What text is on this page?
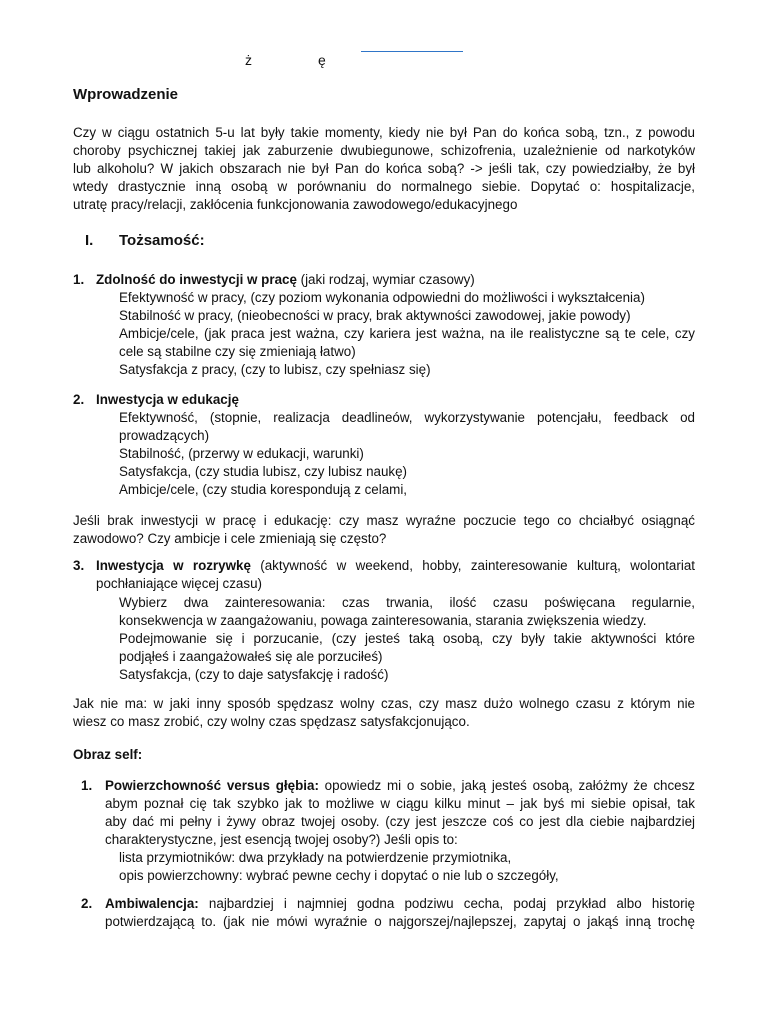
ż	ę
Wprowadzenie
Czy w ciągu ostatnich 5-u lat były takie momenty, kiedy nie był Pan do końca sobą, tzn., z powodu
choroby psychicznej takiej jak zaburzenie dwubiegunowe, schizofrenia, uzależnienie od narkotyków
lub alkoholu? W jakich obszarach nie był Pan do końca sobą? -> jeśli tak, czy powiedziałby, że był
wtedy drastycznie inną osobą w porównaniu do normalnego siebie. Dopytać o: hospitalizacje,
utratę pracy/relacji, zakłócenia funkcjonowania zawodowego/edukacyjnego
I. Tożsamość:
1. Zdolność do inwestycji w pracę (jaki rodzaj, wymiar czasowy)
Efektywność w pracy, (czy poziom wykonania odpowiedni do możliwości i wykształcenia)
Stabilność w pracy, (nieobecności w pracy, brak aktywności zawodowej, jakie powody)
Ambicje/cele, (jak praca jest ważna, czy kariera jest ważna, na ile realistyczne są te cele, czy
cele są stabilne czy się zmieniają łatwo)
Satysfakcja z pracy, (czy to lubisz, czy spełniasz się)
2. Inwestycja w edukację
Efektywność, (stopnie, realizacja deadlineów, wykorzystywanie potencjału, feedback od
prowadzących)
Stabilność, (przerwy w edukacji, warunki)
Satysfakcja, (czy studia lubisz, czy lubisz naukę)
Ambicje/cele, (czy studia korespondują z celami,
Jeśli brak inwestycji w pracę i edukację: czy masz wyraźne poczucie tego co chciałbyć osiągnąć
zawodowo? Czy ambicje i cele zmieniają się często?
3. Inwestycja w rozrywkę (aktywność w weekend, hobby, zainteresowanie kulturą, wolontariat
pochłaniające więcej czasu)
Wybierz dwa zainteresowania: czas trwania, ilość czasu poświęcana regularnie,
konsekwencja w zaangażowaniu, powaga zainteresowania, starania zwiększenia wiedzy.
Podejmowanie się i porzucanie, (czy jesteś taką osobą, czy były takie aktywności które
podjąłeś i zaangażowałeś się ale porzuciłeś)
Satysfakcja, (czy to daje satysfakcję i radość)
Jak nie ma: w jaki inny sposób spędzasz wolny czas, czy masz dużo wolnego czasu z którym nie
wiesz co masz zrobić, czy wolny czas spędzasz satysfakcjonująco.
Obraz self:
1. Powierzchowność versus głębia: opowiedz mi o sobie, jaką jesteś osobą, załóżmy że chcesz
abym poznał cię tak szybko jak to możliwe w ciągu kilku minut – jak byś mi siebie opisał, tak
aby dać mi pełny i żywy obraz twojej osoby. (czy jest jeszcze coś co jest dla ciebie najbardziej
charakterystyczne, jest esencją twojej osoby?) Jeśli opis to:
lista przymiotników: dwa przykłady na potwierdzenie przymiotnika,
opis powierzchowny: wybrać pewne cechy i dopytać o nie lub o szczegóły,
2. Ambiwalencja: najbardziej i najmniej godna podziwu cecha, podaj przykład albo historię
potwierdzającą to. (jak nie mówi wyraźnie o najgorszej/najlepszej, zapytaj o jakąś inną trochę
